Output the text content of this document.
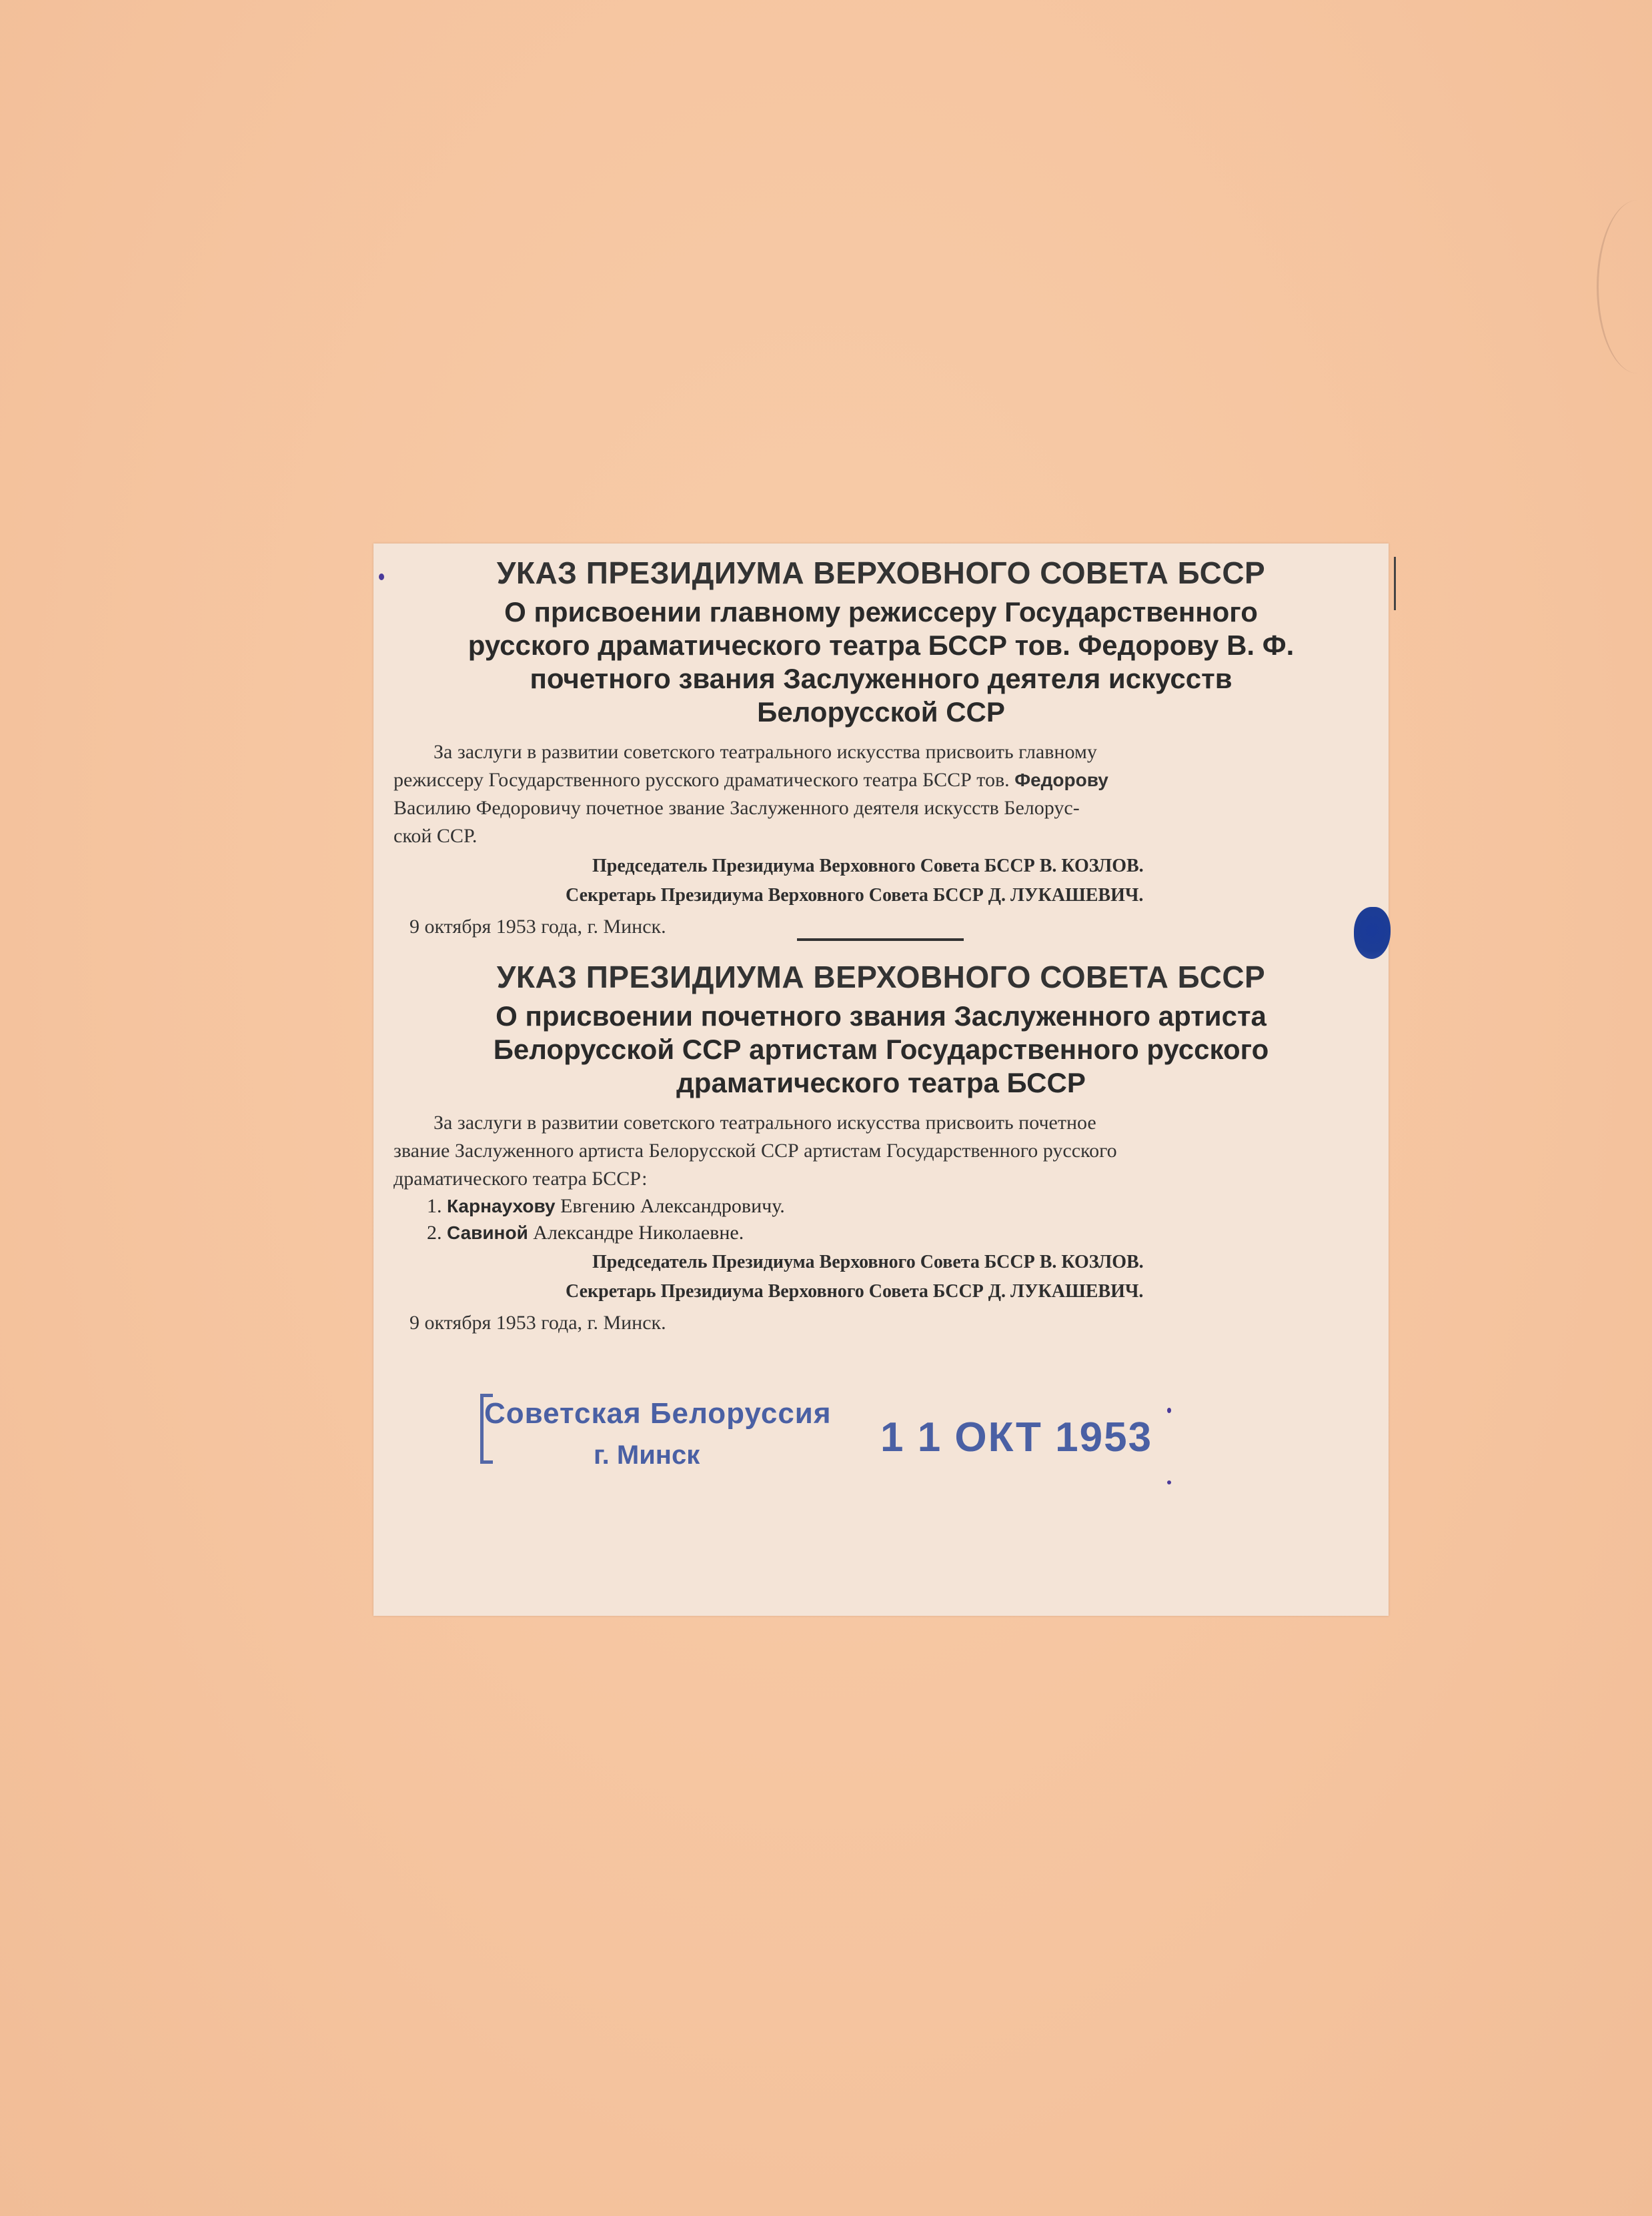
УКАЗ ПРЕЗИДИУМА ВЕРХОВНОГО СОВЕТА БССР
О присвоении главному режиссеру Государственного
русского драматического театра БССР тов. Федорову В. Ф.
почетного звания Заслуженного деятеля искусств
Белорусской ССР
За заслуги в развитии советского театрального искусства присвоить главному
режиссеру Государственного русского драматического театра БССР тов. Федорову
Василию Федоровичу почетное звание Заслуженного деятеля искусств Белорус-
ской ССР.
Председатель Президиума Верховного Совета БССР В. КОЗЛОВ.
Секретарь Президиума Верховного Совета БССР Д. ЛУКАШЕВИЧ.
9 октября 1953 года, г. Минск.
УКАЗ ПРЕЗИДИУМА ВЕРХОВНОГО СОВЕТА БССР
О присвоении почетного звания Заслуженного артиста
Белорусской ССР артистам Государственного русского
драматического театра БССР
За заслуги в развитии советского театрального искусства присвоить почетное
звание Заслуженного артиста Белорусской ССР артистам Государственного русского
драматического театра БССР:
1. Карнаухову Евгению Александровичу.
2. Савиной Александре Николаевне.
Председатель Президиума Верховного Совета БССР В. КОЗЛОВ.
Секретарь Президиума Верховного Совета БССР Д. ЛУКАШЕВИЧ.
9 октября 1953 года, г. Минск.
Советская Белоруссия
г. Минск	1 1 ОКТ 1953
